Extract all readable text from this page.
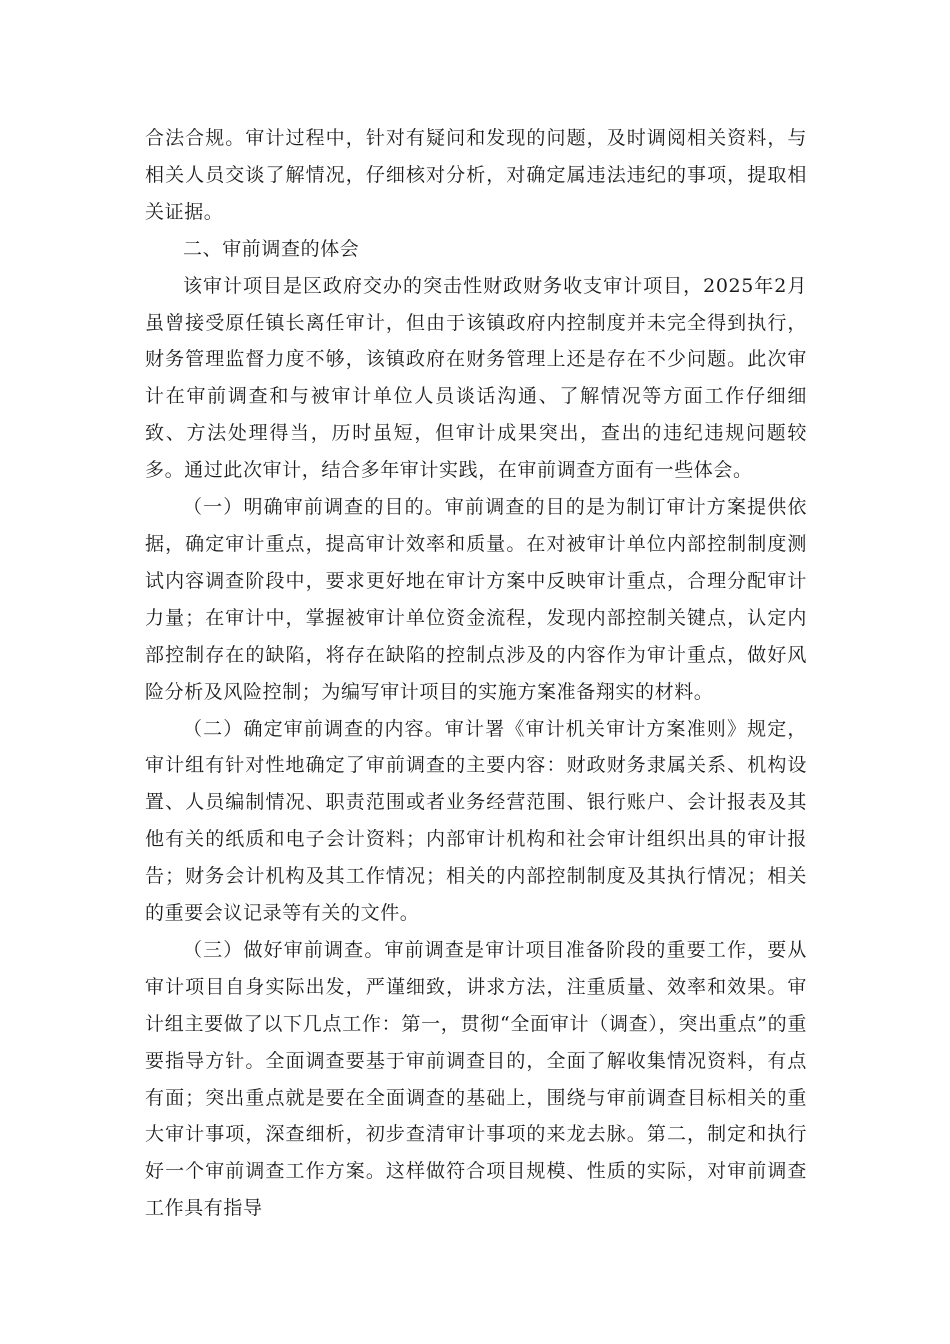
合法合规。审计过程中，针对有疑问和发现的问题，及时调阅相关资料，与相关人员交谈了解情况，仔细核对分析，对确定属违法违纪的事项，提取相关证据。

二、审前调查的体会

该审计项目是区政府交办的突击性财政财务收支审计项目，2025年2月虽曾接受原任镇长离任审计，但由于该镇政府内控制度并未完全得到执行，财务管理监督力度不够，该镇政府在财务管理上还是存在不少问题。此次审计在审前调查和与被审计单位人员谈话沟通、了解情况等方面工作仔细细致、方法处理得当，历时虽短，但审计成果突出，查出的违纪违规问题较多。通过此次审计，结合多年审计实践，在审前调查方面有一些体会。

（一）明确审前调查的目的。审前调查的目的是为制订审计方案提供依据，确定审计重点，提高审计效率和质量。在对被审计单位内部控制制度测试内容调查阶段中，要求更好地在审计方案中反映审计重点，合理分配审计力量；在审计中，掌握被审计单位资金流程，发现内部控制关键点，认定内部控制存在的缺陷，将存在缺陷的控制点涉及的内容作为审计重点，做好风险分析及风险控制；为编写审计项目的实施方案准备翔实的材料。

（二）确定审前调查的内容。审计署《审计机关审计方案准则》规定，审计组有针对性地确定了审前调查的主要内容：财政财务隶属关系、机构设置、人员编制情况、职责范围或者业务经营范围、银行账户、会计报表及其他有关的纸质和电子会计资料；内部审计机构和社会审计组织出具的审计报告；财务会计机构及其工作情况；相关的内部控制制度及其执行情况；相关的重要会议记录等有关的文件。

（三）做好审前调查。审前调查是审计项目准备阶段的重要工作，要从审计项目自身实际出发，严谨细致，讲求方法，注重质量、效率和效果。审计组主要做了以下几点工作：第一，贯彻“全面审计（调查），突出重点”的重要指导方针。全面调查要基于审前调查目的，全面了解收集情况资料，有点有面；突出重点就是要在全面调查的基础上，围绕与审前调查目标相关的重大审计事项，深查细析，初步查清审计事项的来龙去脉。第二，制定和执行好一个审前调查工作方案。这样做符合项目规模、性质的实际，对审前调查工作具有指导
